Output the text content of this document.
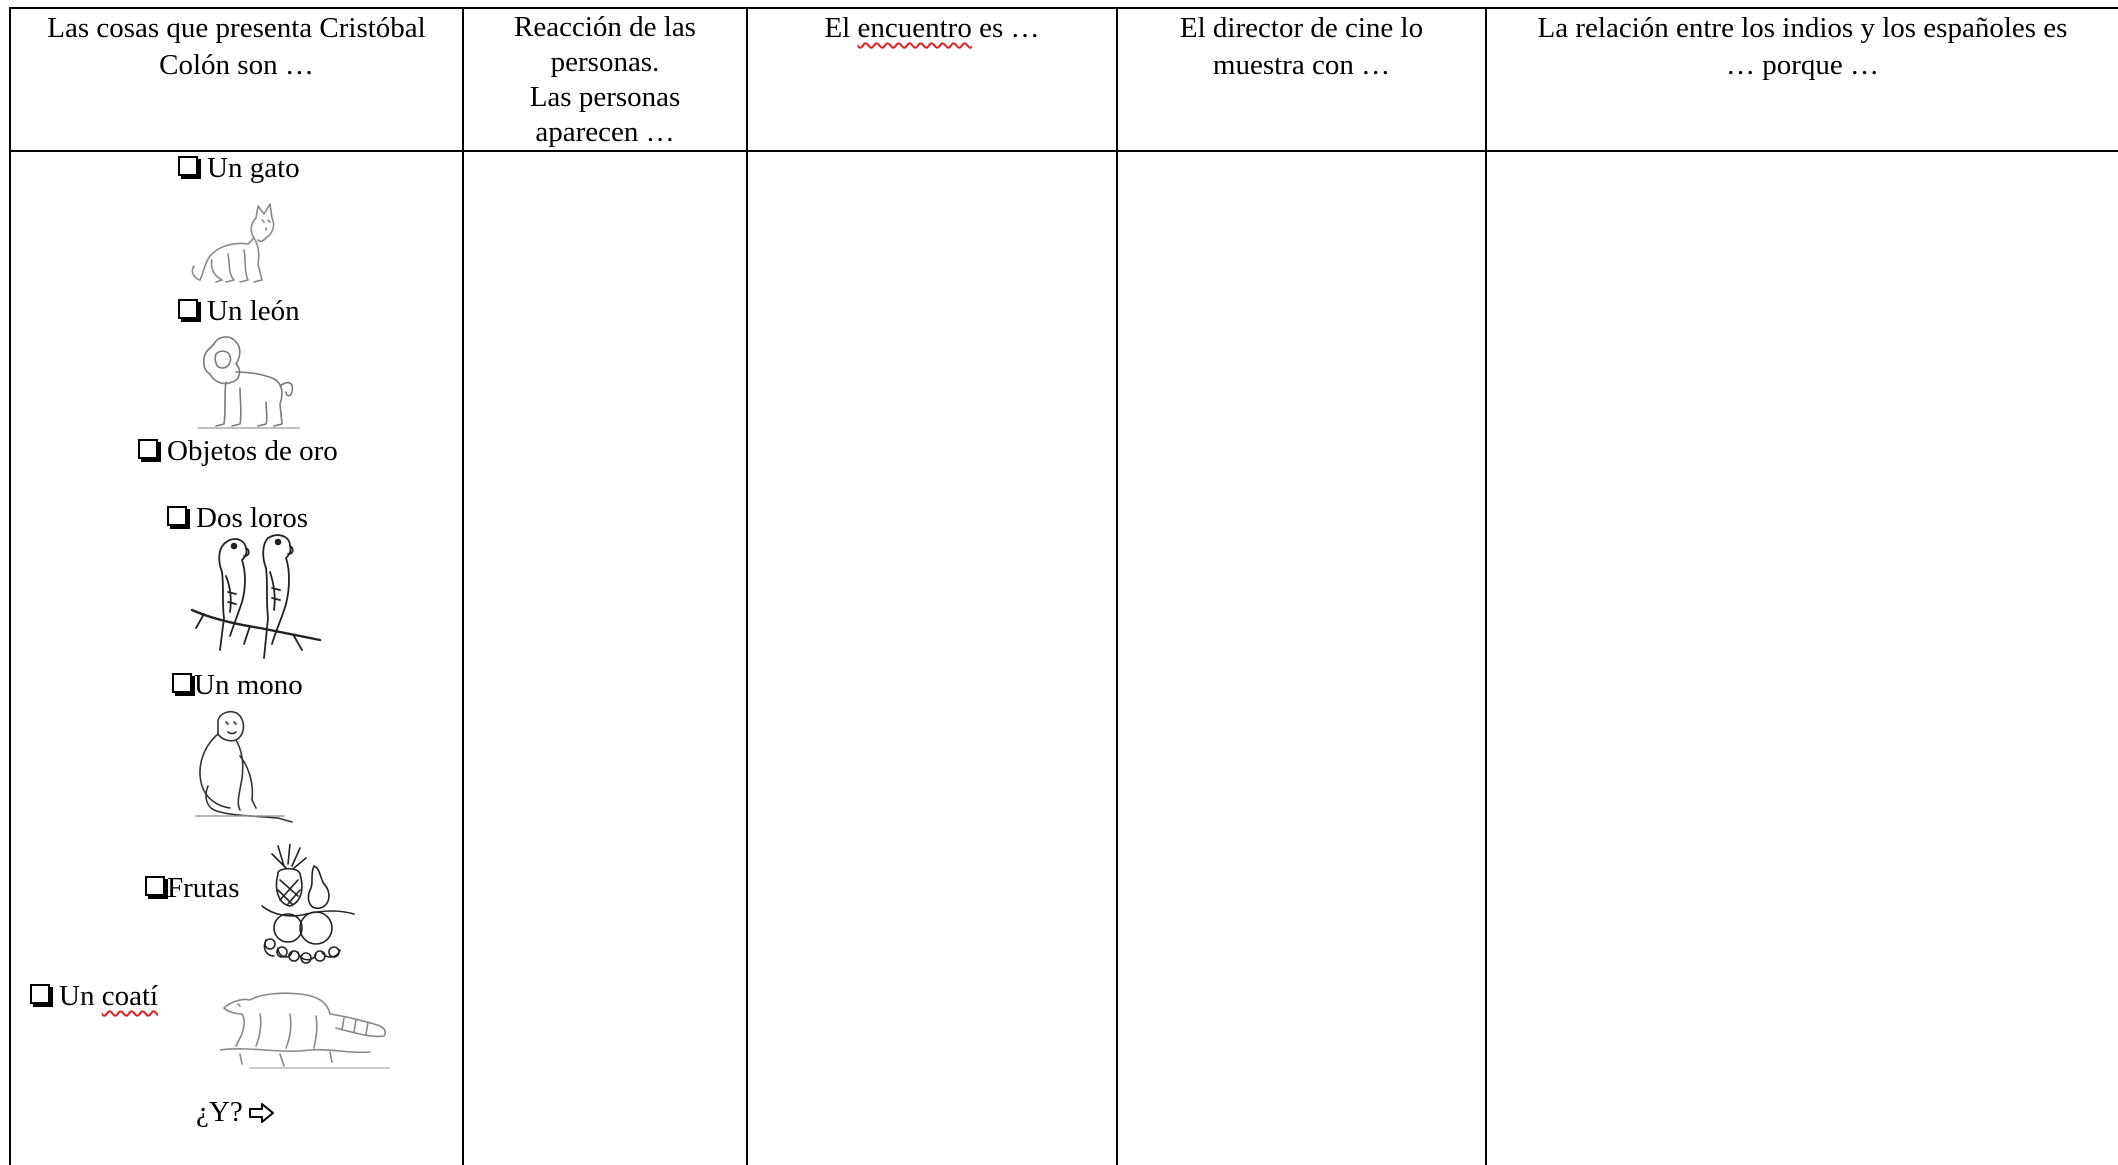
Las cosas que presenta Cristóbal
Colón son …
Reacción de las
personas.
Las personas
aparecen …
El encuentro es …	El director de cine lo
muestra con …
La relación entre los indios y los españoles es
… porque …
Un gato
Un león
Objetos de oro
Dos loros
Un mono
Frutas
Un coatí
¿Y?
